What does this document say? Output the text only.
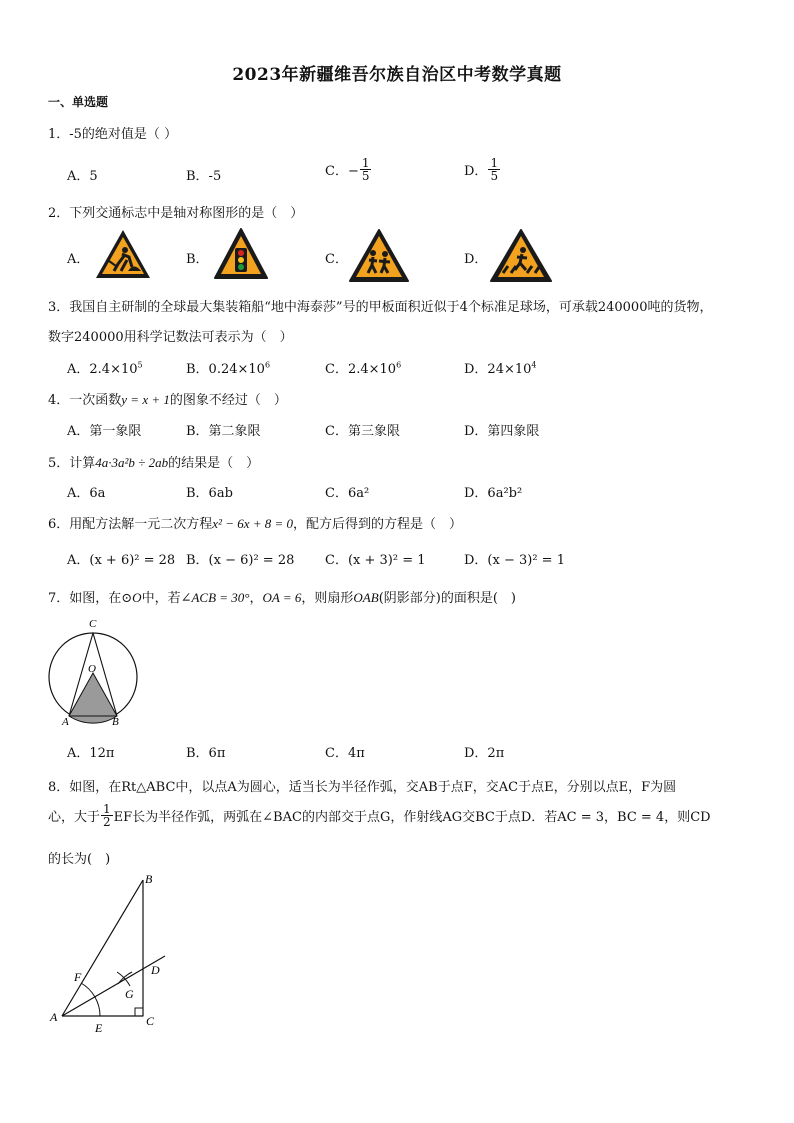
2023年新疆维吾尔族自治区中考数学真题
一、单选题
1．-5的绝对值是（ ）
A．5	B．-5	C．− $\frac{1}{5}$	D． $\frac{1}{5}$
2．下列交通标志中是轴对称图形的是（　）
A．	B．	C．	D．
3．我国自主研制的全球最大集装箱船“地中海泰莎”号的甲板面积近似于4个标准足球场，可承载240000吨的货物，
数字240000用科学记数法可表示为（　）
A．$2.4\times 10^5$	B．$0.24\times 10^6$	C．$2.4\times 10^6$	D．$24\times 10^4$
4．一次函数y = x + 1的图象不经过（　）
A．第一象限	B．第二象限	C．第三象限	D．第四象限
5．计算4a·3a²b ÷ 2ab的结果是（　）
A．6a	B．6ab	C．6a²	D．6a²b²
6．用配方法解一元二次方程x² − 6x + 8 = 0，配方后得到的方程是（　）
A．(x + 6)² = 28 B．(x − 6)² = 28 C．(x + 3)² = 1	D．(x − 3)² = 1
7．如图，在⊙O中，若∠ACB = 30°，OA = 6，则扇形OAB(阴影部分)的面积是(　)
C
O
A	B
A．12π	B．6π	C．4π	D．2π
8．如图，在Rt△ABC中，以点A为圆心，适当长为半径作弧，交AB于点F，交AC于点E，分别以点E，F为圆
心，大于 $\frac{1}{2}$ EF长为半径作弧，两弧在∠BAC的内部交于点G，作射线AG交BC于点D．若AC = 3，BC = 4，则CD
的长为(　)
B
F	D
G
A
E	C
